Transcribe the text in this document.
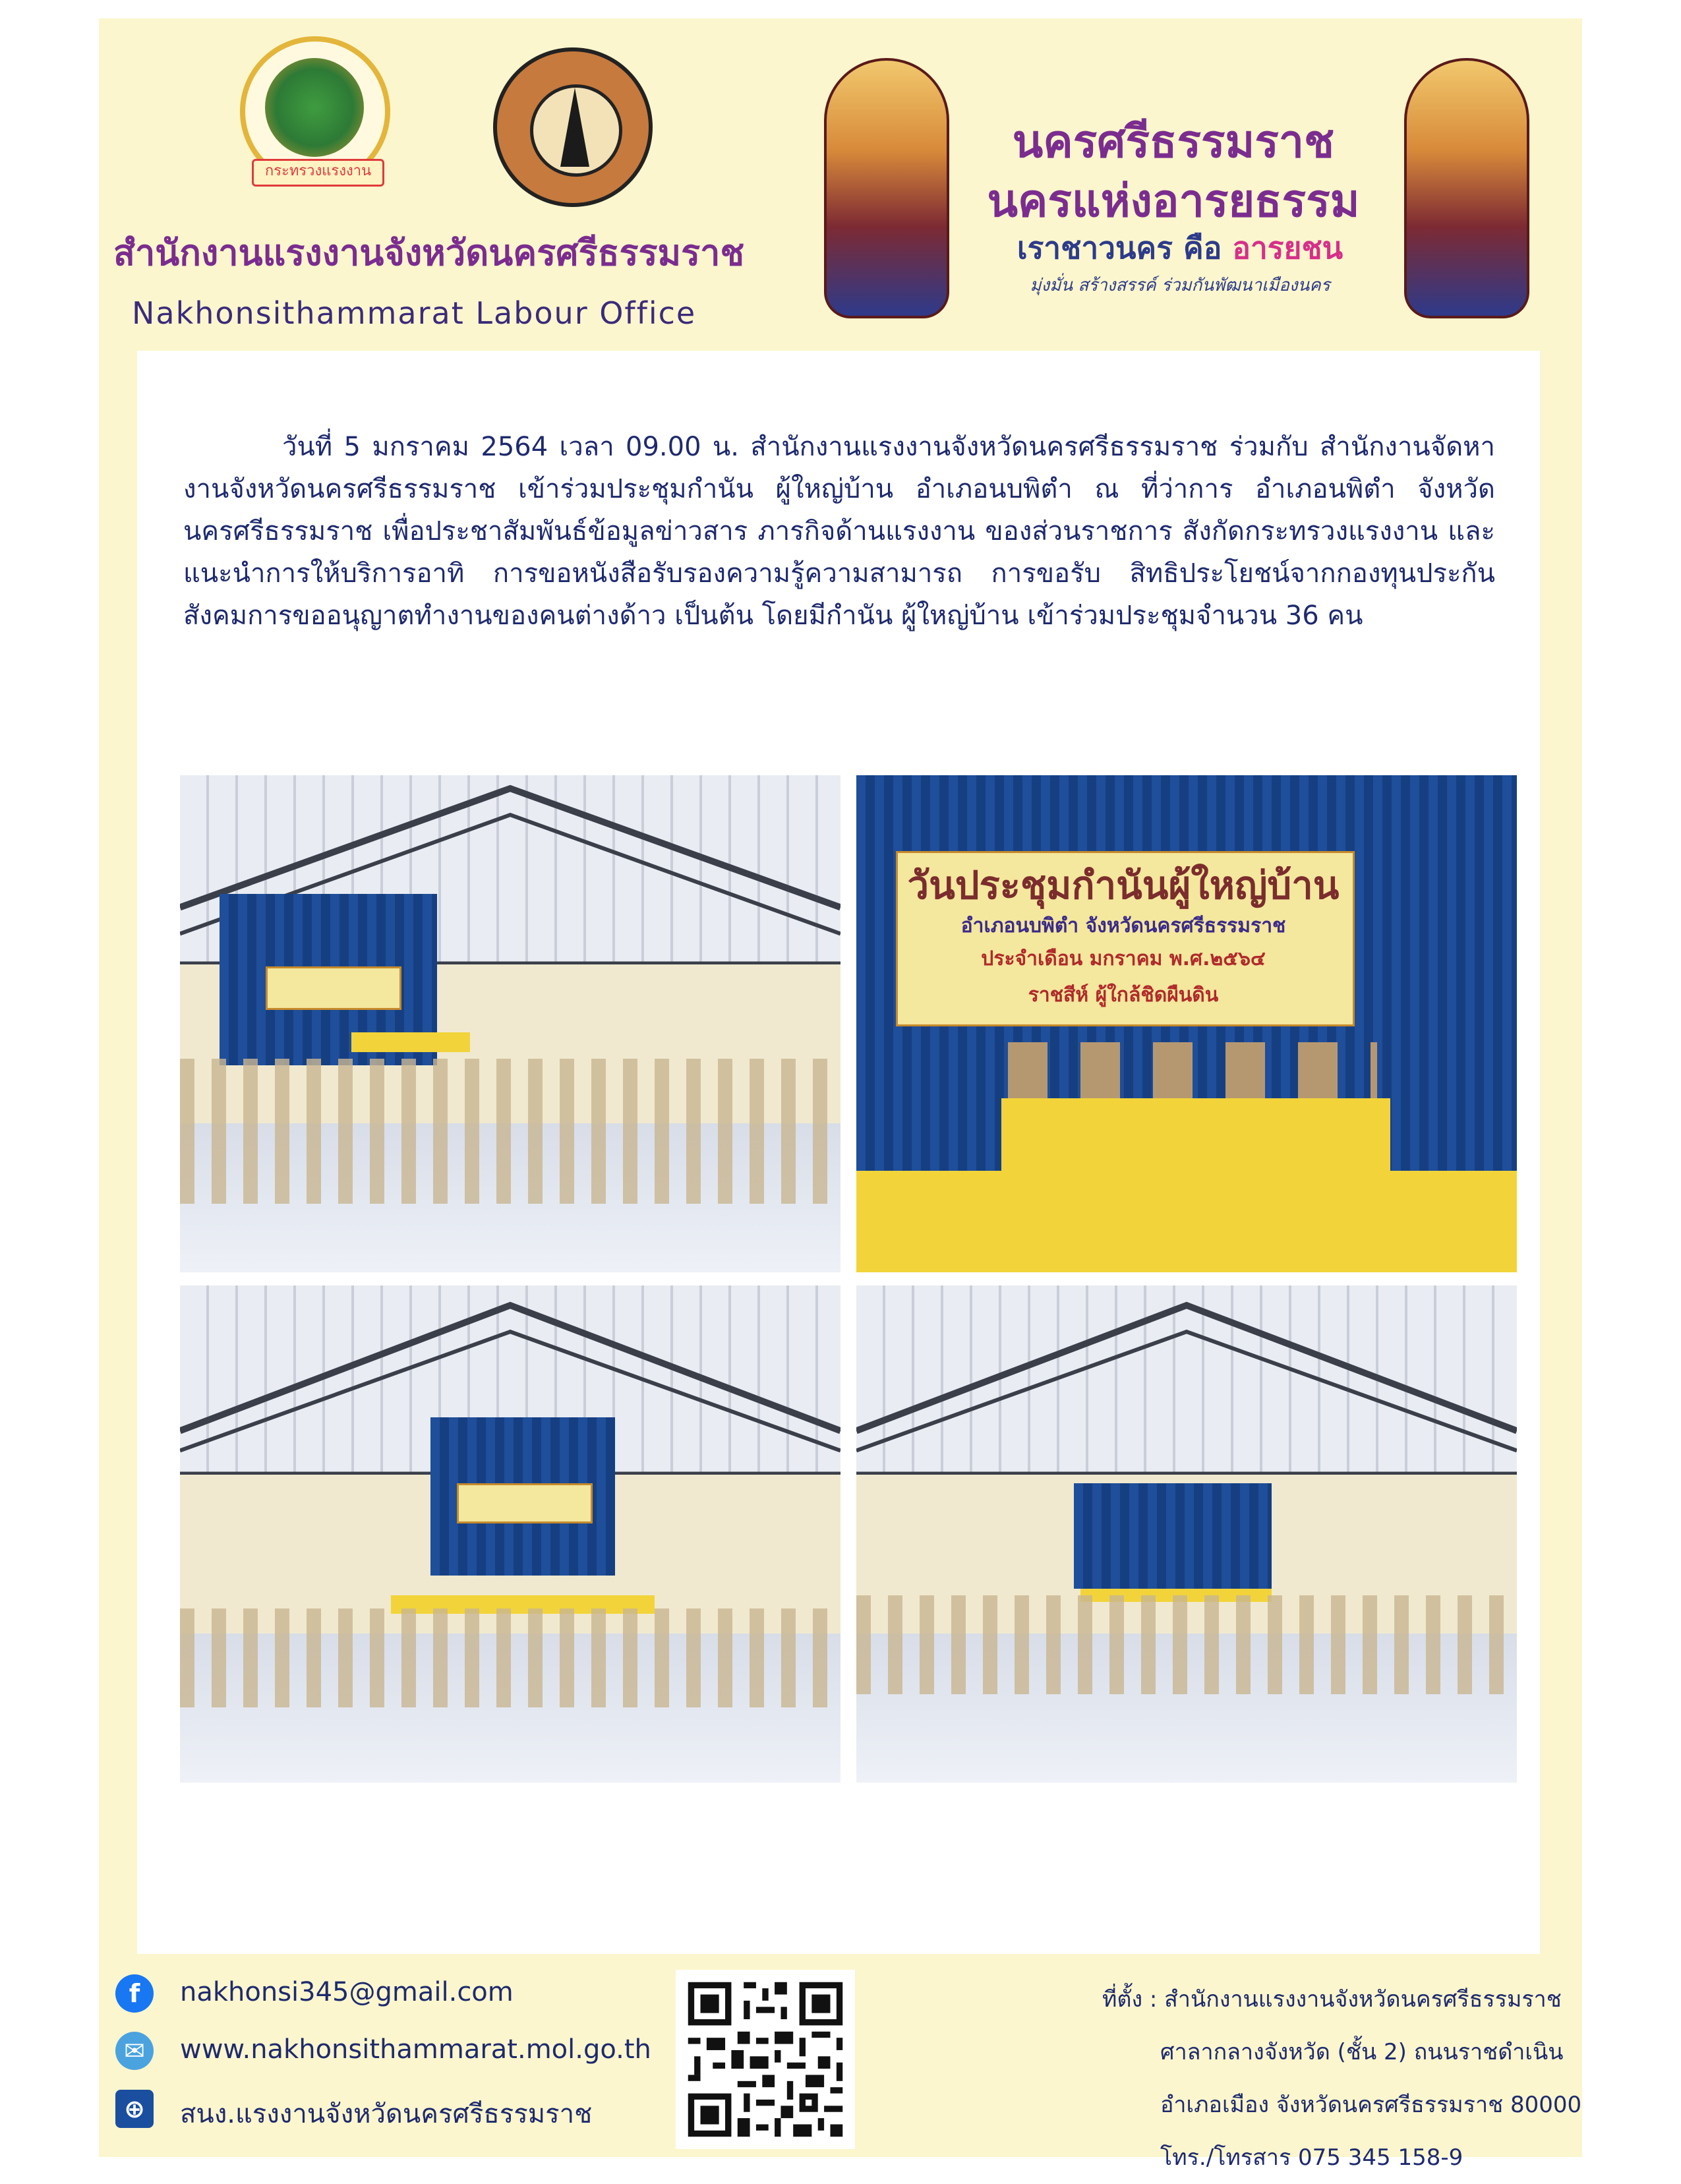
กระทรวงแรงงาน
สำนักงานแรงงานจังหวัดนครศรีธรรมราช
Nakhonsithammarat Labour Office
นครศรีธรรมราช
นครแห่งอารยธรรม
เราชาวนคร คือ อารยชน
มุ่งมั่น สร้างสรรค์ ร่วมกันพัฒนาเมืองนคร
วันที่ 5 มกราคม 2564 เวลา 09.00 น. สำนักงานแรงงานจังหวัดนครศรีธรรมราช ร่วมกับ สำนักงานจัดหางานจังหวัดนครศรีธรรมราช เข้าร่วมประชุมกำนัน ผู้ใหญ่บ้าน อำเภอนบพิตำ ณ ที่ว่าการ อำเภอนพิตำ จังหวัดนครศรีธรรมราช เพื่อประชาสัมพันธ์ข้อมูลข่าวสาร ภารกิจด้านแรงงาน ของส่วนราชการ สังกัดกระทรวงแรงงาน และแนะนำการให้บริการอาทิ การขอหนังสือรับรองความรู้ความสามารถ การขอรับ สิทธิประโยชน์จากกองทุนประกันสังคมการขออนุญาตทำงานของคนต่างด้าว เป็นต้น โดยมีกำนัน ผู้ใหญ่บ้าน เข้าร่วมประชุมจำนวน 36 คน
วันประชุมกำนันผู้ใหญ่บ้าน
อำเภอนบพิตำ จังหวัดนครศรีธรรมราช
ประจำเดือน มกราคม พ.ศ.๒๕๖๔
ราชสีห์ ผู้ใกล้ชิดผืนดิน
f	nakhonsi345@gmail.com
✉	www.nakhonsithammarat.mol.go.th
⊕	สนง.แรงงานจังหวัดนครศรีธรรมราช
ที่ตั้ง : สำนักงานแรงงานจังหวัดนครศรีธรรมราช
ศาลากลางจังหวัด (ชั้น 2) ถนนราชดำเนิน
อำเภอเมือง จังหวัดนครศรีธรรมราช 80000
โทร./โทรสาร 075 345 158-9
